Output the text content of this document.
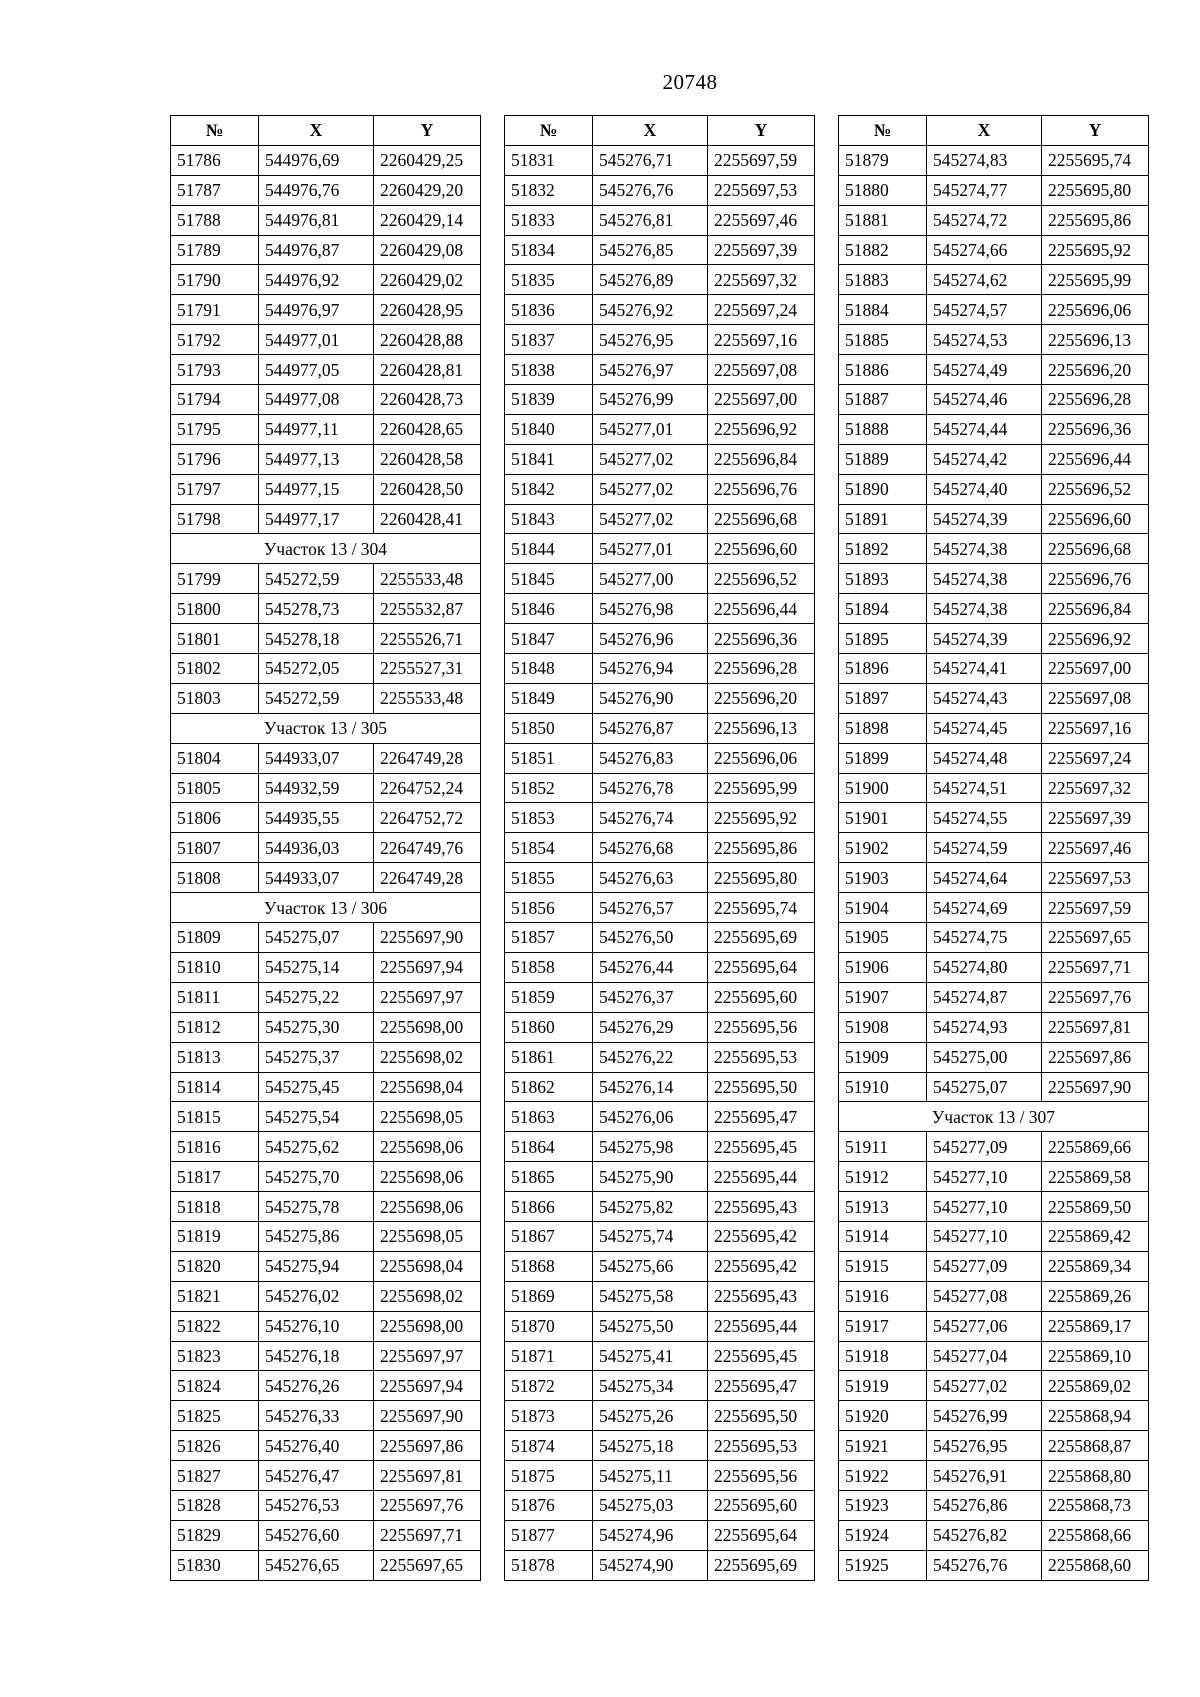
20748
№	X	Y
51786	544976,69	2260429,25
51787	544976,76	2260429,20
51788	544976,81	2260429,14
51789	544976,87	2260429,08
51790	544976,92	2260429,02
51791	544976,97	2260428,95
51792	544977,01	2260428,88
51793	544977,05	2260428,81
51794	544977,08	2260428,73
51795	544977,11	2260428,65
51796	544977,13	2260428,58
51797	544977,15	2260428,50
51798	544977,17	2260428,41
Участок 13 / 304		
51799	545272,59	2255533,48
51800	545278,73	2255532,87
51801	545278,18	2255526,71
51802	545272,05	2255527,31
51803	545272,59	2255533,48
Участок 13 / 305		
51804	544933,07	2264749,28
51805	544932,59	2264752,24
51806	544935,55	2264752,72
51807	544936,03	2264749,76
51808	544933,07	2264749,28
Участок 13 / 306		
51809	545275,07	2255697,90
51810	545275,14	2255697,94
51811	545275,22	2255697,97
51812	545275,30	2255698,00
51813	545275,37	2255698,02
51814	545275,45	2255698,04
51815	545275,54	2255698,05
51816	545275,62	2255698,06
51817	545275,70	2255698,06
51818	545275,78	2255698,06
51819	545275,86	2255698,05
51820	545275,94	2255698,04
51821	545276,02	2255698,02
51822	545276,10	2255698,00
51823	545276,18	2255697,97
51824	545276,26	2255697,94
51825	545276,33	2255697,90
51826	545276,40	2255697,86
51827	545276,47	2255697,81
51828	545276,53	2255697,76
51829	545276,60	2255697,71
51830	545276,65	2255697,65
№	X	Y
51831	545276,71	2255697,59
51832	545276,76	2255697,53
51833	545276,81	2255697,46
51834	545276,85	2255697,39
51835	545276,89	2255697,32
51836	545276,92	2255697,24
51837	545276,95	2255697,16
51838	545276,97	2255697,08
51839	545276,99	2255697,00
51840	545277,01	2255696,92
51841	545277,02	2255696,84
51842	545277,02	2255696,76
51843	545277,02	2255696,68
51844	545277,01	2255696,60
51845	545277,00	2255696,52
51846	545276,98	2255696,44
51847	545276,96	2255696,36
51848	545276,94	2255696,28
51849	545276,90	2255696,20
51850	545276,87	2255696,13
51851	545276,83	2255696,06
51852	545276,78	2255695,99
51853	545276,74	2255695,92
51854	545276,68	2255695,86
51855	545276,63	2255695,80
51856	545276,57	2255695,74
51857	545276,50	2255695,69
51858	545276,44	2255695,64
51859	545276,37	2255695,60
51860	545276,29	2255695,56
51861	545276,22	2255695,53
51862	545276,14	2255695,50
51863	545276,06	2255695,47
51864	545275,98	2255695,45
51865	545275,90	2255695,44
51866	545275,82	2255695,43
51867	545275,74	2255695,42
51868	545275,66	2255695,42
51869	545275,58	2255695,43
51870	545275,50	2255695,44
51871	545275,41	2255695,45
51872	545275,34	2255695,47
51873	545275,26	2255695,50
51874	545275,18	2255695,53
51875	545275,11	2255695,56
51876	545275,03	2255695,60
51877	545274,96	2255695,64
51878	545274,90	2255695,69
№	X	Y
51879	545274,83	2255695,74
51880	545274,77	2255695,80
51881	545274,72	2255695,86
51882	545274,66	2255695,92
51883	545274,62	2255695,99
51884	545274,57	2255696,06
51885	545274,53	2255696,13
51886	545274,49	2255696,20
51887	545274,46	2255696,28
51888	545274,44	2255696,36
51889	545274,42	2255696,44
51890	545274,40	2255696,52
51891	545274,39	2255696,60
51892	545274,38	2255696,68
51893	545274,38	2255696,76
51894	545274,38	2255696,84
51895	545274,39	2255696,92
51896	545274,41	2255697,00
51897	545274,43	2255697,08
51898	545274,45	2255697,16
51899	545274,48	2255697,24
51900	545274,51	2255697,32
51901	545274,55	2255697,39
51902	545274,59	2255697,46
51903	545274,64	2255697,53
51904	545274,69	2255697,59
51905	545274,75	2255697,65
51906	545274,80	2255697,71
51907	545274,87	2255697,76
51908	545274,93	2255697,81
51909	545275,00	2255697,86
51910	545275,07	2255697,90
Участок 13 / 307		
51911	545277,09	2255869,66
51912	545277,10	2255869,58
51913	545277,10	2255869,50
51914	545277,10	2255869,42
51915	545277,09	2255869,34
51916	545277,08	2255869,26
51917	545277,06	2255869,17
51918	545277,04	2255869,10
51919	545277,02	2255869,02
51920	545276,99	2255868,94
51921	545276,95	2255868,87
51922	545276,91	2255868,80
51923	545276,86	2255868,73
51924	545276,82	2255868,66
51925	545276,76	2255868,60
